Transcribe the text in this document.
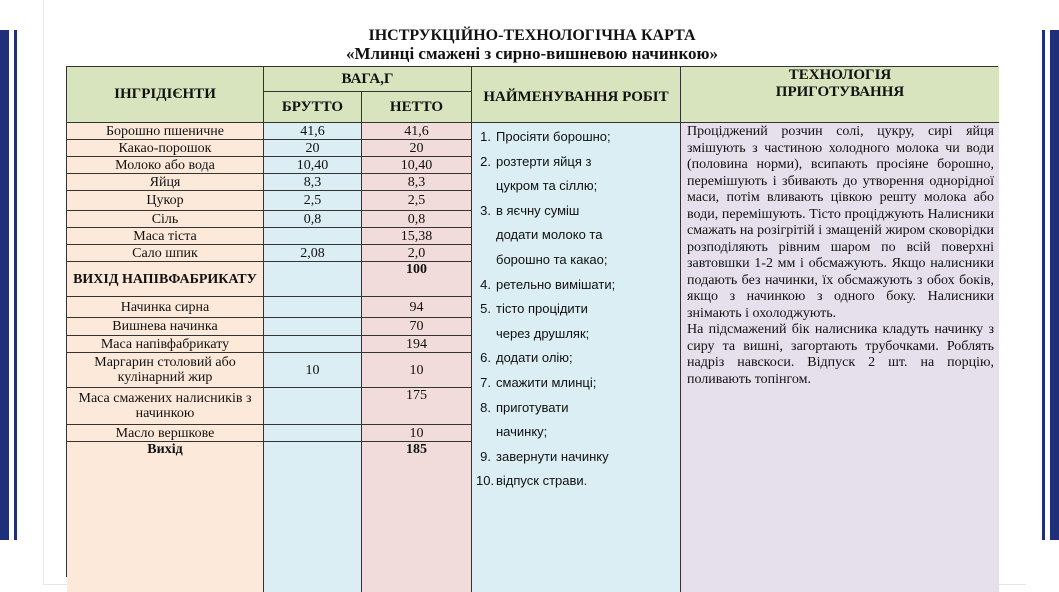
ІНСТРУКЦІЙНО-ТЕХНОЛОГІЧНА КАРТА
«Млинці смажені з сирно-вишневою начинкою»
ІНГРІДІЄНТИ
ВАГА,Г
БРУТТО	НЕТТО
НАЙМЕНУВАННЯ РОБІТ
ТЕХНОЛОГІЯ ПРИГОТУВАННЯ
Борошно пшеничне
Какао-порошок
Молоко або вода
Яйця
Цукор
Сіль
Маса тіста
Сало шпик
ВИХІД НАПІВФАБРИКАТУ
Начинка сирна
Вишнева начинка
Маса напівфабрикату
Маргарин столовий або кулінарний жир
Маса смажених налисників з начинкою
Масло вершкове
Вихід
41,6
20
10,40
8,3
2,5
0,8
2,08
10
41,6
20
10,40
8,3
2,5
0,8
15,38
2,0
100
94
70
194
10
175
10
185
1. Просіяти борошно;
2. розтерти яйця з
цукром та сіллю;
3. в яєчну суміш
додати молоко та
борошно та какао;
4. ретельно вимішати;
5. тісто процідити
через друшляк;
6. додати олію;
7. смажити млинці;
8. приготувати
начинку;
9. завернути начинку
10. відпуск страви.

Проціджений розчин солі, цукру, сирі яйця змішують з частиною холодного молока чи води (половина норми), всипають просіяне борошно, перемішують і збивають до утворення однорідної маси, потім вливають цівкою решту молока або води, перемішують. Тісто проціджують Налисники смажать на розігрітій і змащеній жиром сковорідки розподіляють рівним шаром по всій поверхні завтовшки 1-2 мм і обсмажують. Якщо налисники подають без начинки, їх обсмажують з обох боків, якщо з начинкою з одного боку. Налисники знімають і охолоджують.

На підсмажений бік налисника кладуть начинку з сиру та вишні, загортають трубочками. Роблять надріз навскоси. Відпуск 2 шт. на порцію, поливають топінгом.
